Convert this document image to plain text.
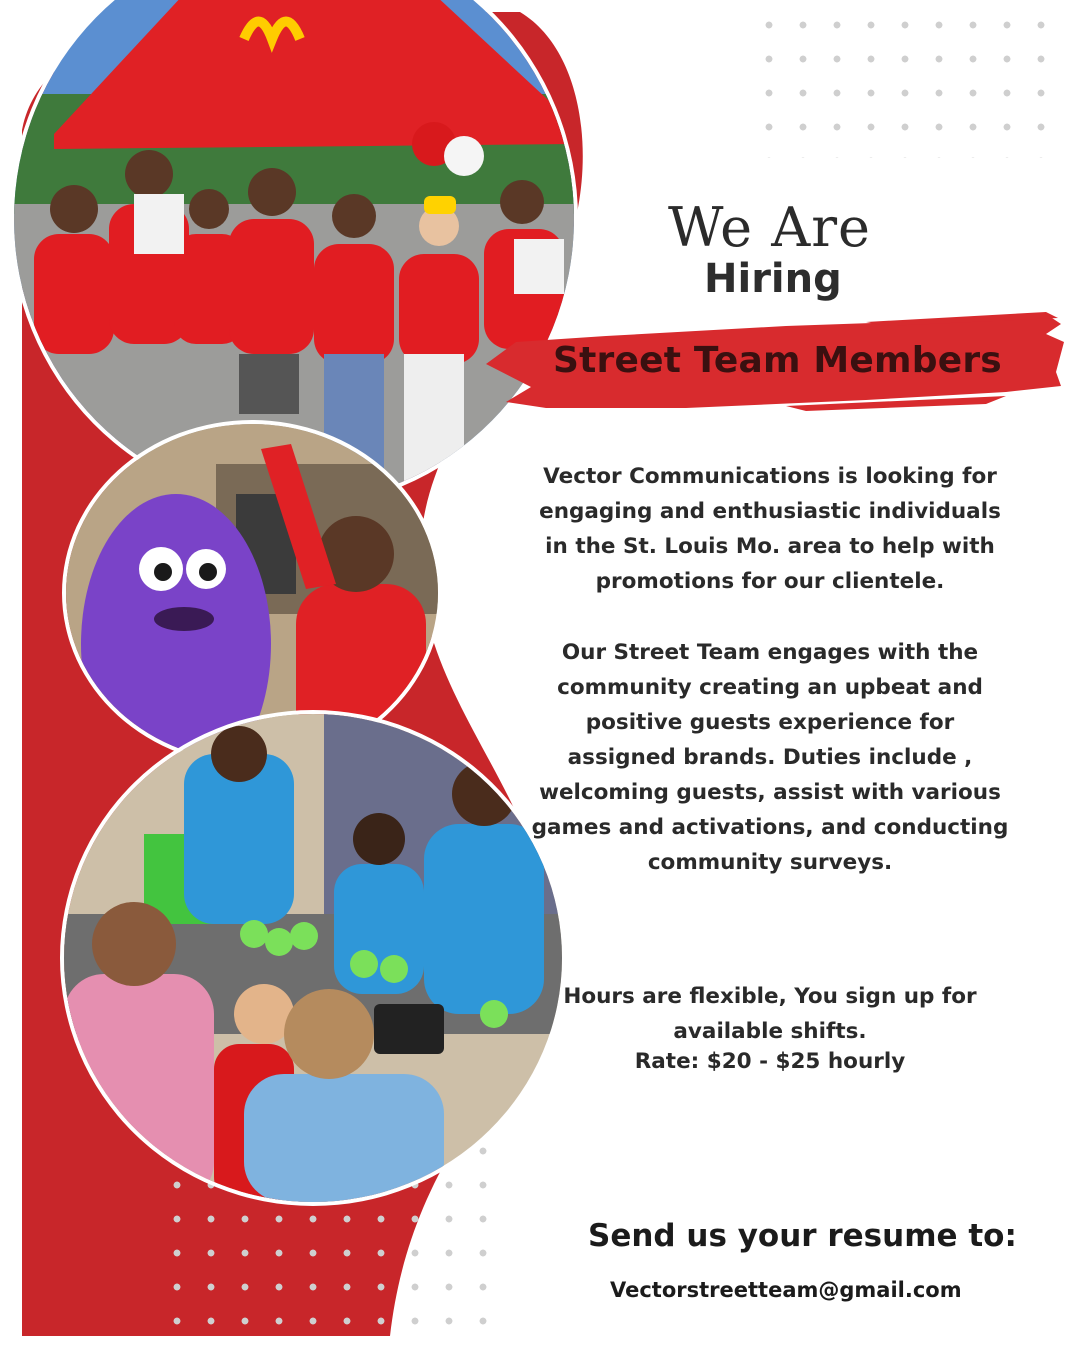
We Are
Hiring
Street Team Members
Vector Communications is looking for engaging and enthusiastic individuals in the St. Louis Mo. area to help with promotions for our clientele.
Our Street Team engages with the community creating an upbeat and positive guests experience for assigned brands. Duties include , welcoming guests, assist with various games and activations, and conducting community surveys.
Hours are flexible, You sign up for available shifts.
Rate: $20 - $25 hourly
Send us your resume to:
Vectorstreetteam@gmail.com
